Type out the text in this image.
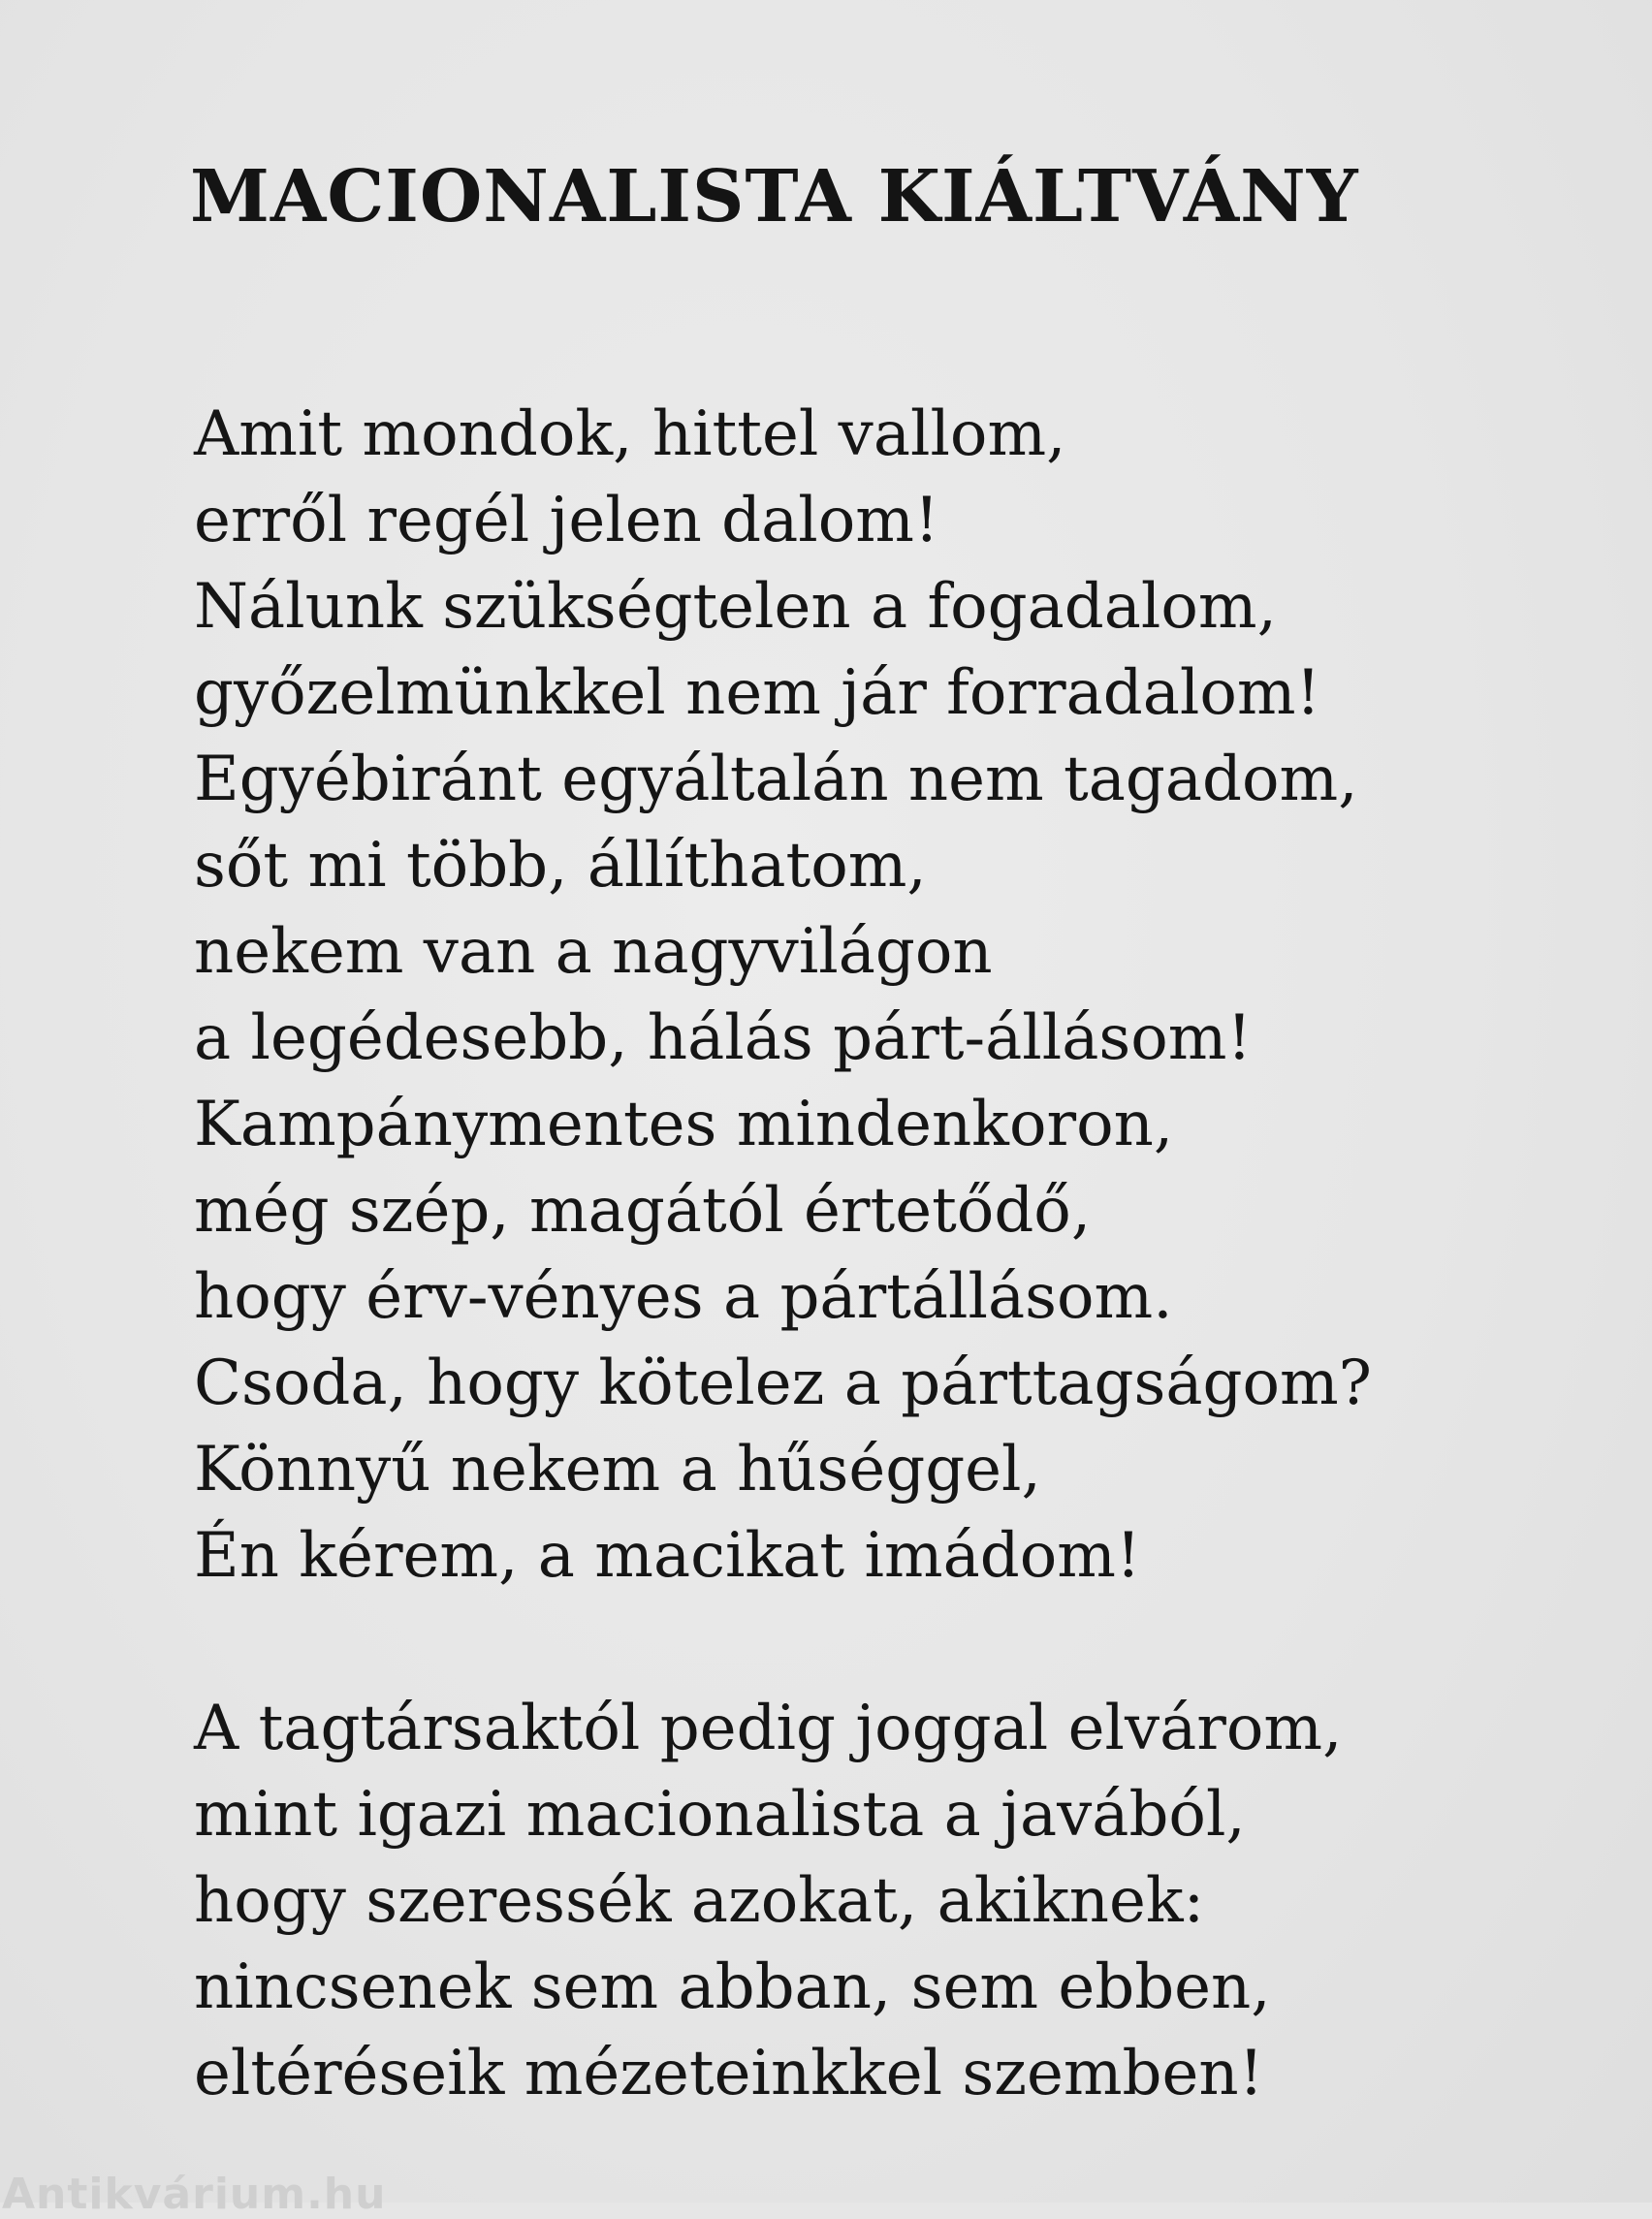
MACIONALISTA KIÁLTVÁNY
Amit mondok, hittel vallom,
erről regél jelen dalom!
Nálunk szükségtelen a fogadalom,
győzelmünkkel nem jár forradalom!
Egyébiránt egyáltalán nem tagadom,
sőt mi több, állíthatom,
nekem van a nagyvilágon
a legédesebb, hálás párt-állásom!
Kampánymentes mindenkoron,
még szép, magától értetődő,
hogy érv-vényes a pártállásom.
Csoda, hogy kötelez a párttagságom?
Könnyű nekem a hűséggel,
Én kérem, a macikat imádom!
A tagtársaktól pedig joggal elvárom,
mint igazi macionalista a javából,
hogy szeressék azokat, akiknek:
nincsenek sem abban, sem ebben,
eltéréseik mézeteinkkel szemben!
Antikvárium.hu
